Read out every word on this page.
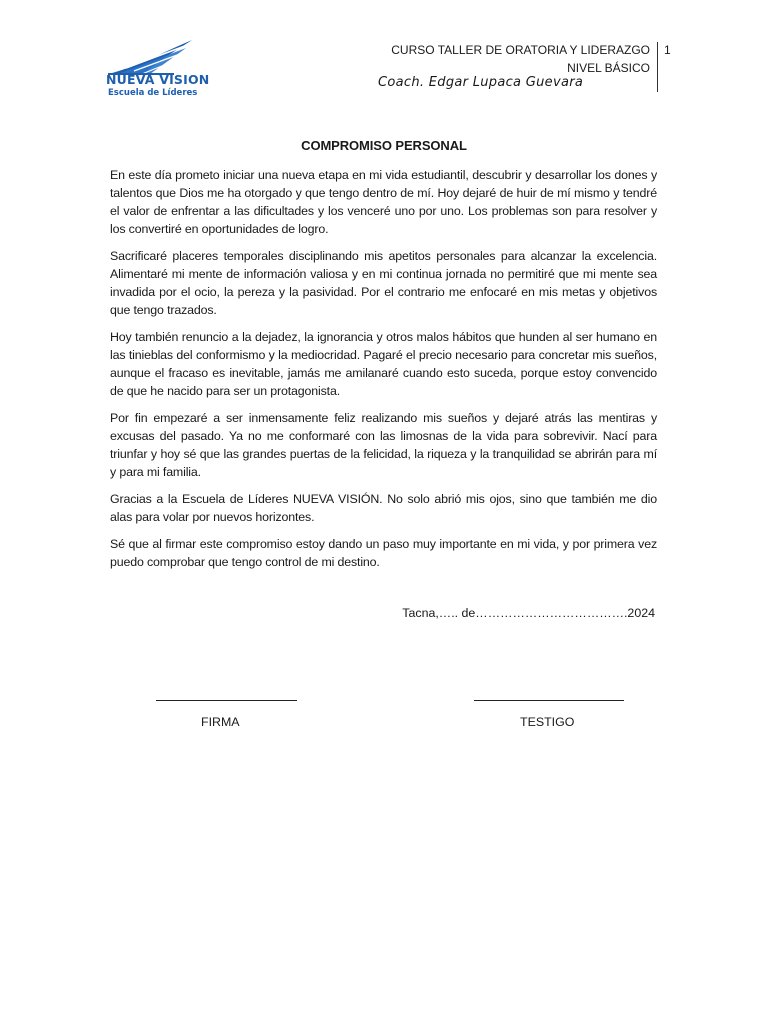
NUEVA VISION
Escuela de Líderes
CURSO TALLER DE ORATORIA Y LIDERAZGO
NIVEL BÁSICO
Coach. Edgar Lupaca Guevara
1
COMPROMISO PERSONAL

En este día prometo iniciar una nueva etapa en mi vida estudiantil, descubrir y desarrollar los dones y talentos que Dios me ha otorgado y que tengo dentro de mí. Hoy dejaré de huir de mí mismo y tendré el valor de enfrentar a las dificultades y los venceré uno por uno. Los problemas son para resolver y los convertiré en oportunidades de logro.

Sacrificaré placeres temporales disciplinando mis apetitos personales para alcanzar la excelencia. Alimentaré mi mente de información valiosa y en mi continua jornada no permitiré que mi mente sea invadida por el ocio, la pereza y la pasividad. Por el contrario me enfocaré en mis metas y objetivos que tengo trazados.

Hoy también renuncio a la dejadez, la ignorancia y otros malos hábitos que hunden al ser humano en las tinieblas del conformismo y la mediocridad. Pagaré el precio necesario para concretar mis sueños, aunque el fracaso es inevitable, jamás me amilanaré cuando esto suceda, porque estoy convencido de que he nacido para ser un protagonista.

Por fin empezaré a ser inmensamente feliz realizando mis sueños y dejaré atrás las mentiras y excusas del pasado. Ya no me conformaré con las limosnas de la vida para sobrevivir. Nací para triunfar y hoy sé que las grandes puertas de la felicidad, la riqueza y la tranquilidad se abrirán para mí y para mi familia.

Gracias a la Escuela de Líderes NUEVA VISIÓN. No solo abrió mis ojos, sino que también me dio alas para volar por nuevos horizontes.

Sé que al firmar este compromiso estoy dando un paso muy importante en mi vida, y por primera vez puedo comprobar que tengo control de mi destino.

Tacna,….. de……………………………….2024
FIRMA	TESTIGO
